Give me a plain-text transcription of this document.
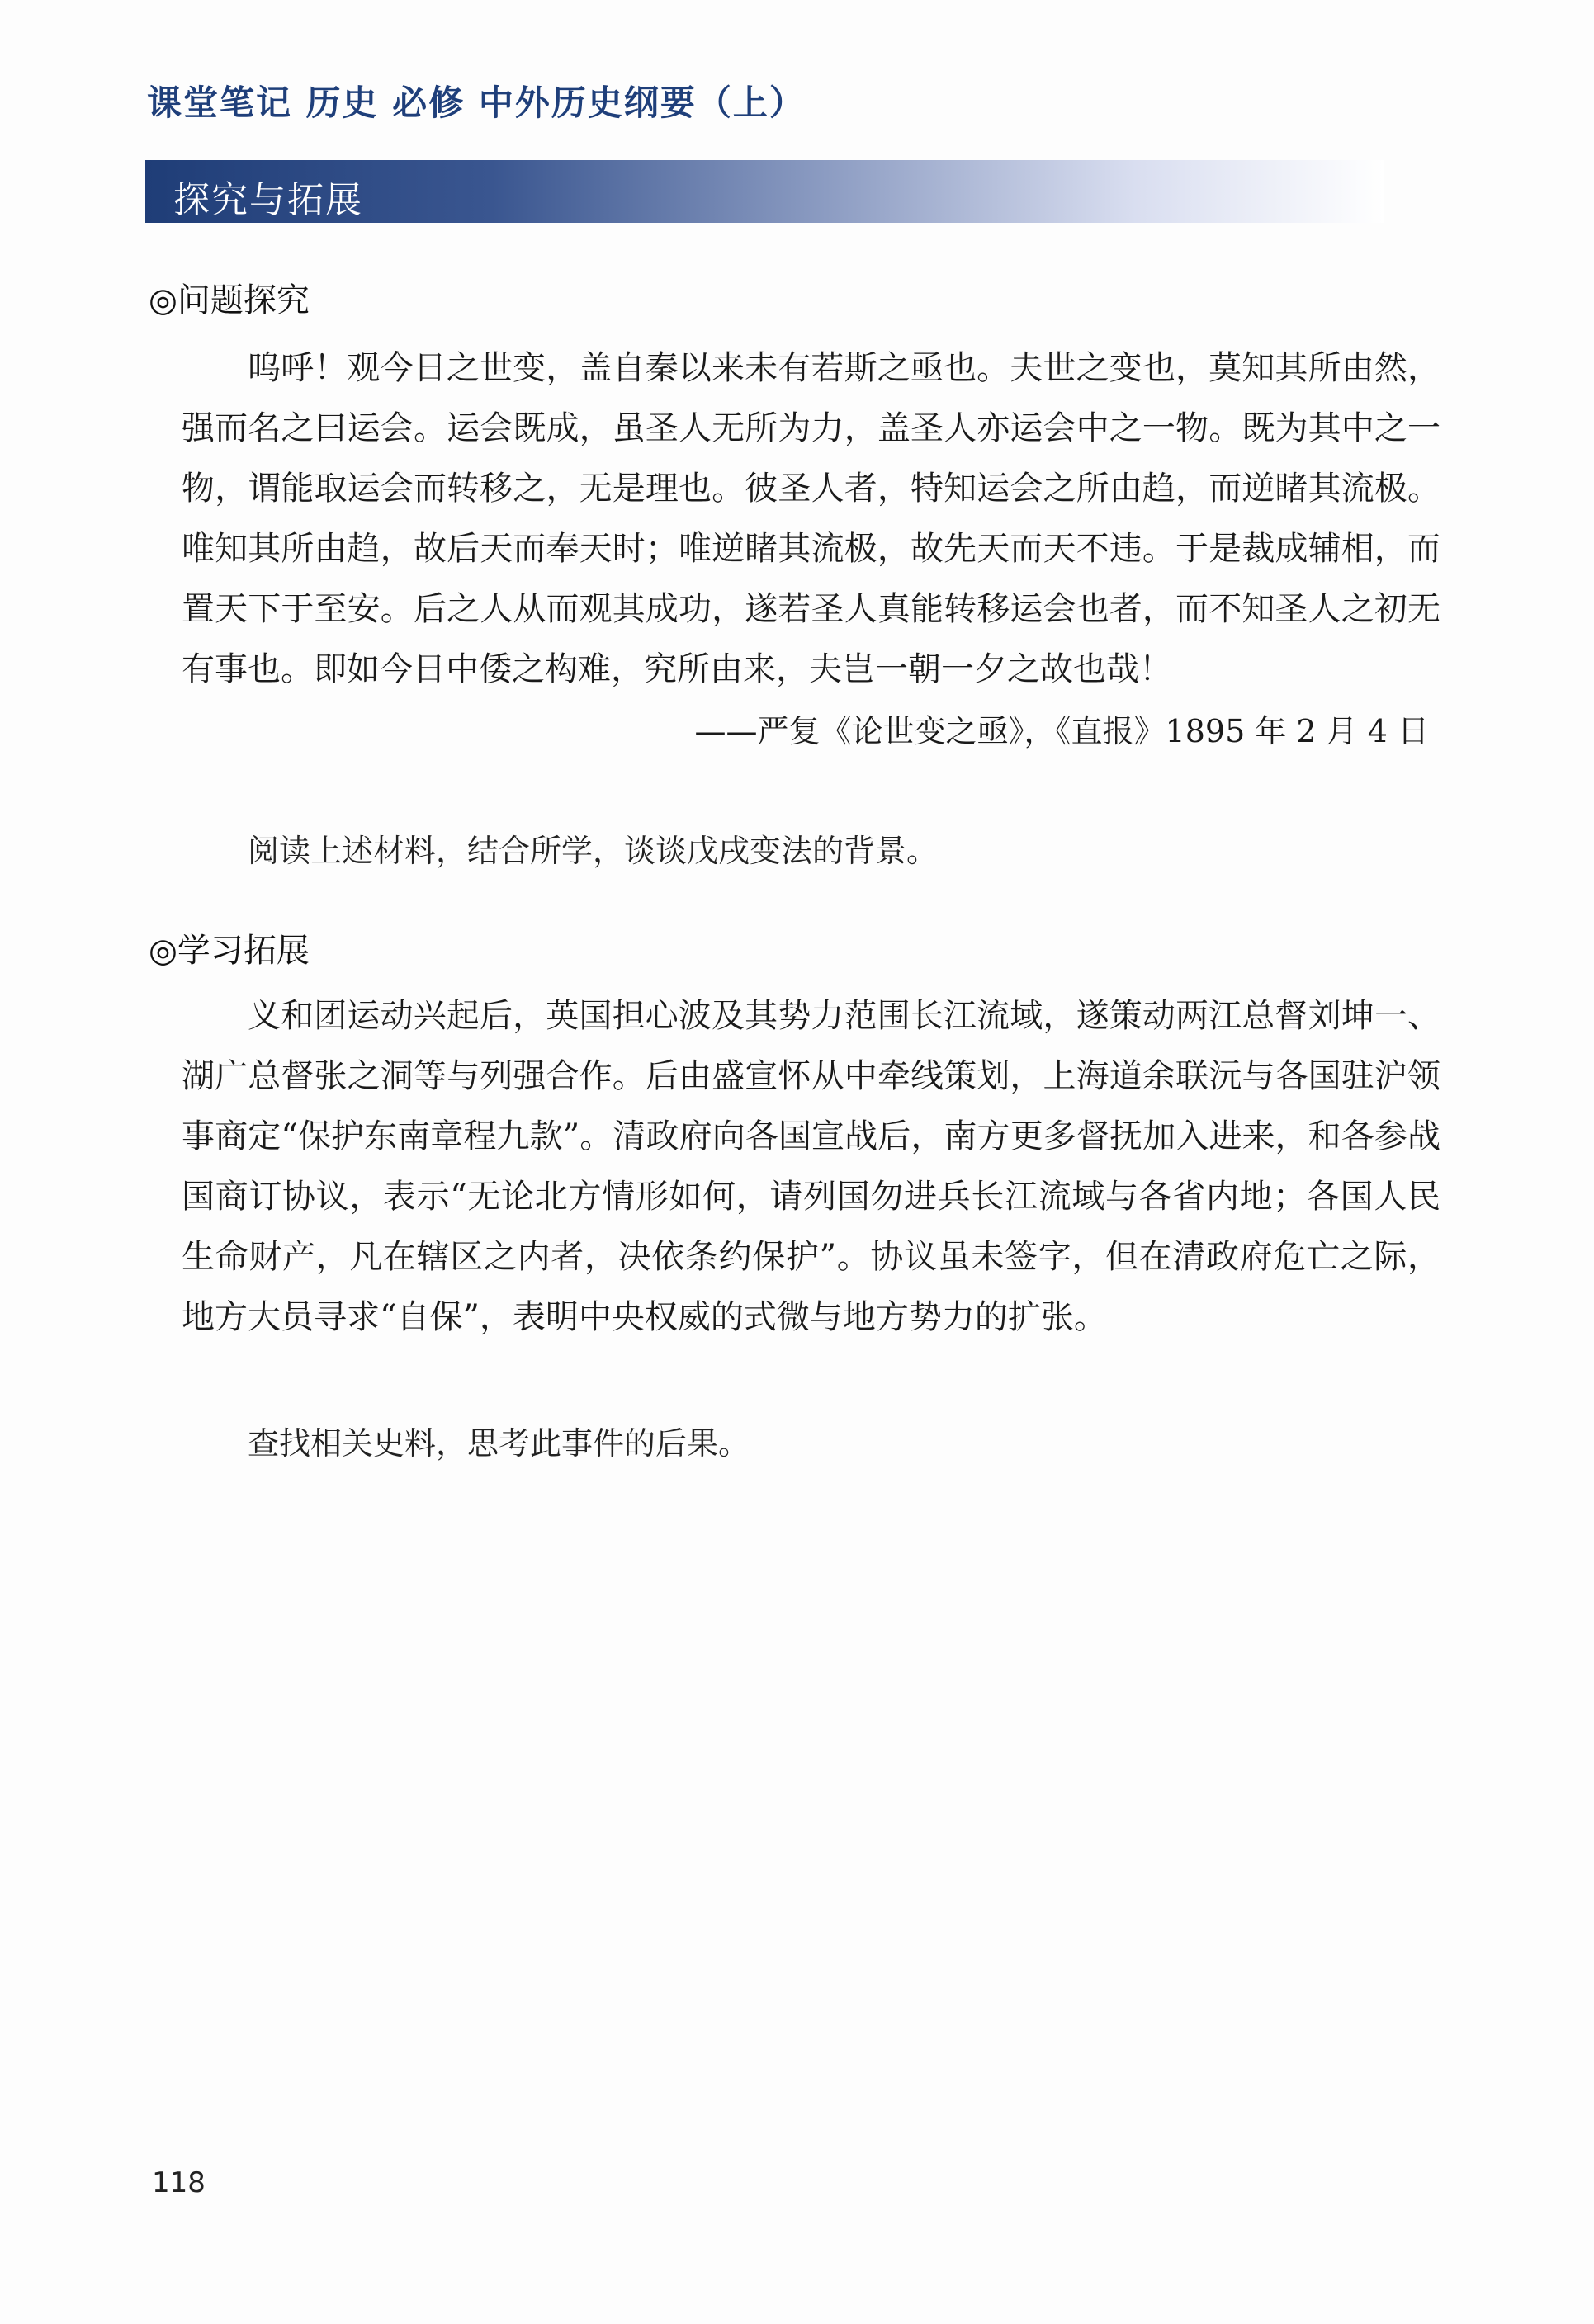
课堂笔记 历史 必修 中外历史纲要（上）
探究与拓展
◎问题探究

呜呼！观今日之世变，盖自秦以来未有若斯之亟也。夫世之变也，莫知其所由然，强而名之曰运会。运会既成，虽圣人无所为力，盖圣人亦运会中之一物。既为其中之一物，谓能取运会而转移之，无是理也。彼圣人者，特知运会之所由趋，而逆睹其流极。唯知其所由趋，故后天而奉天时；唯逆睹其流极，故先天而天不违。于是裁成辅相，而置天下于至安。后之人从而观其成功，遂若圣人真能转移运会也者，而不知圣人之初无有事也。即如今日中倭之构难，究所由来，夫岂一朝一夕之故也哉！

——严复《论世变之亟》，《直报》1895 年 2 月 4 日
阅读上述材料，结合所学，谈谈戊戌变法的背景。
◎学习拓展

义和团运动兴起后，英国担心波及其势力范围长江流域，遂策动两江总督刘坤一、湖广总督张之洞等与列强合作。后由盛宣怀从中牵线策划，上海道余联沅与各国驻沪领事商定“保护东南章程九款”。清政府向各国宣战后，南方更多督抚加入进来，和各参战国商订协议，表示“无论北方情形如何，请列国勿进兵长江流域与各省内地；各国人民生命财产，凡在辖区之内者，决依条约保护”。协议虽未签字，但在清政府危亡之际，地方大员寻求“自保”，表明中央权威的式微与地方势力的扩张。

查找相关史料，思考此事件的后果。
118
